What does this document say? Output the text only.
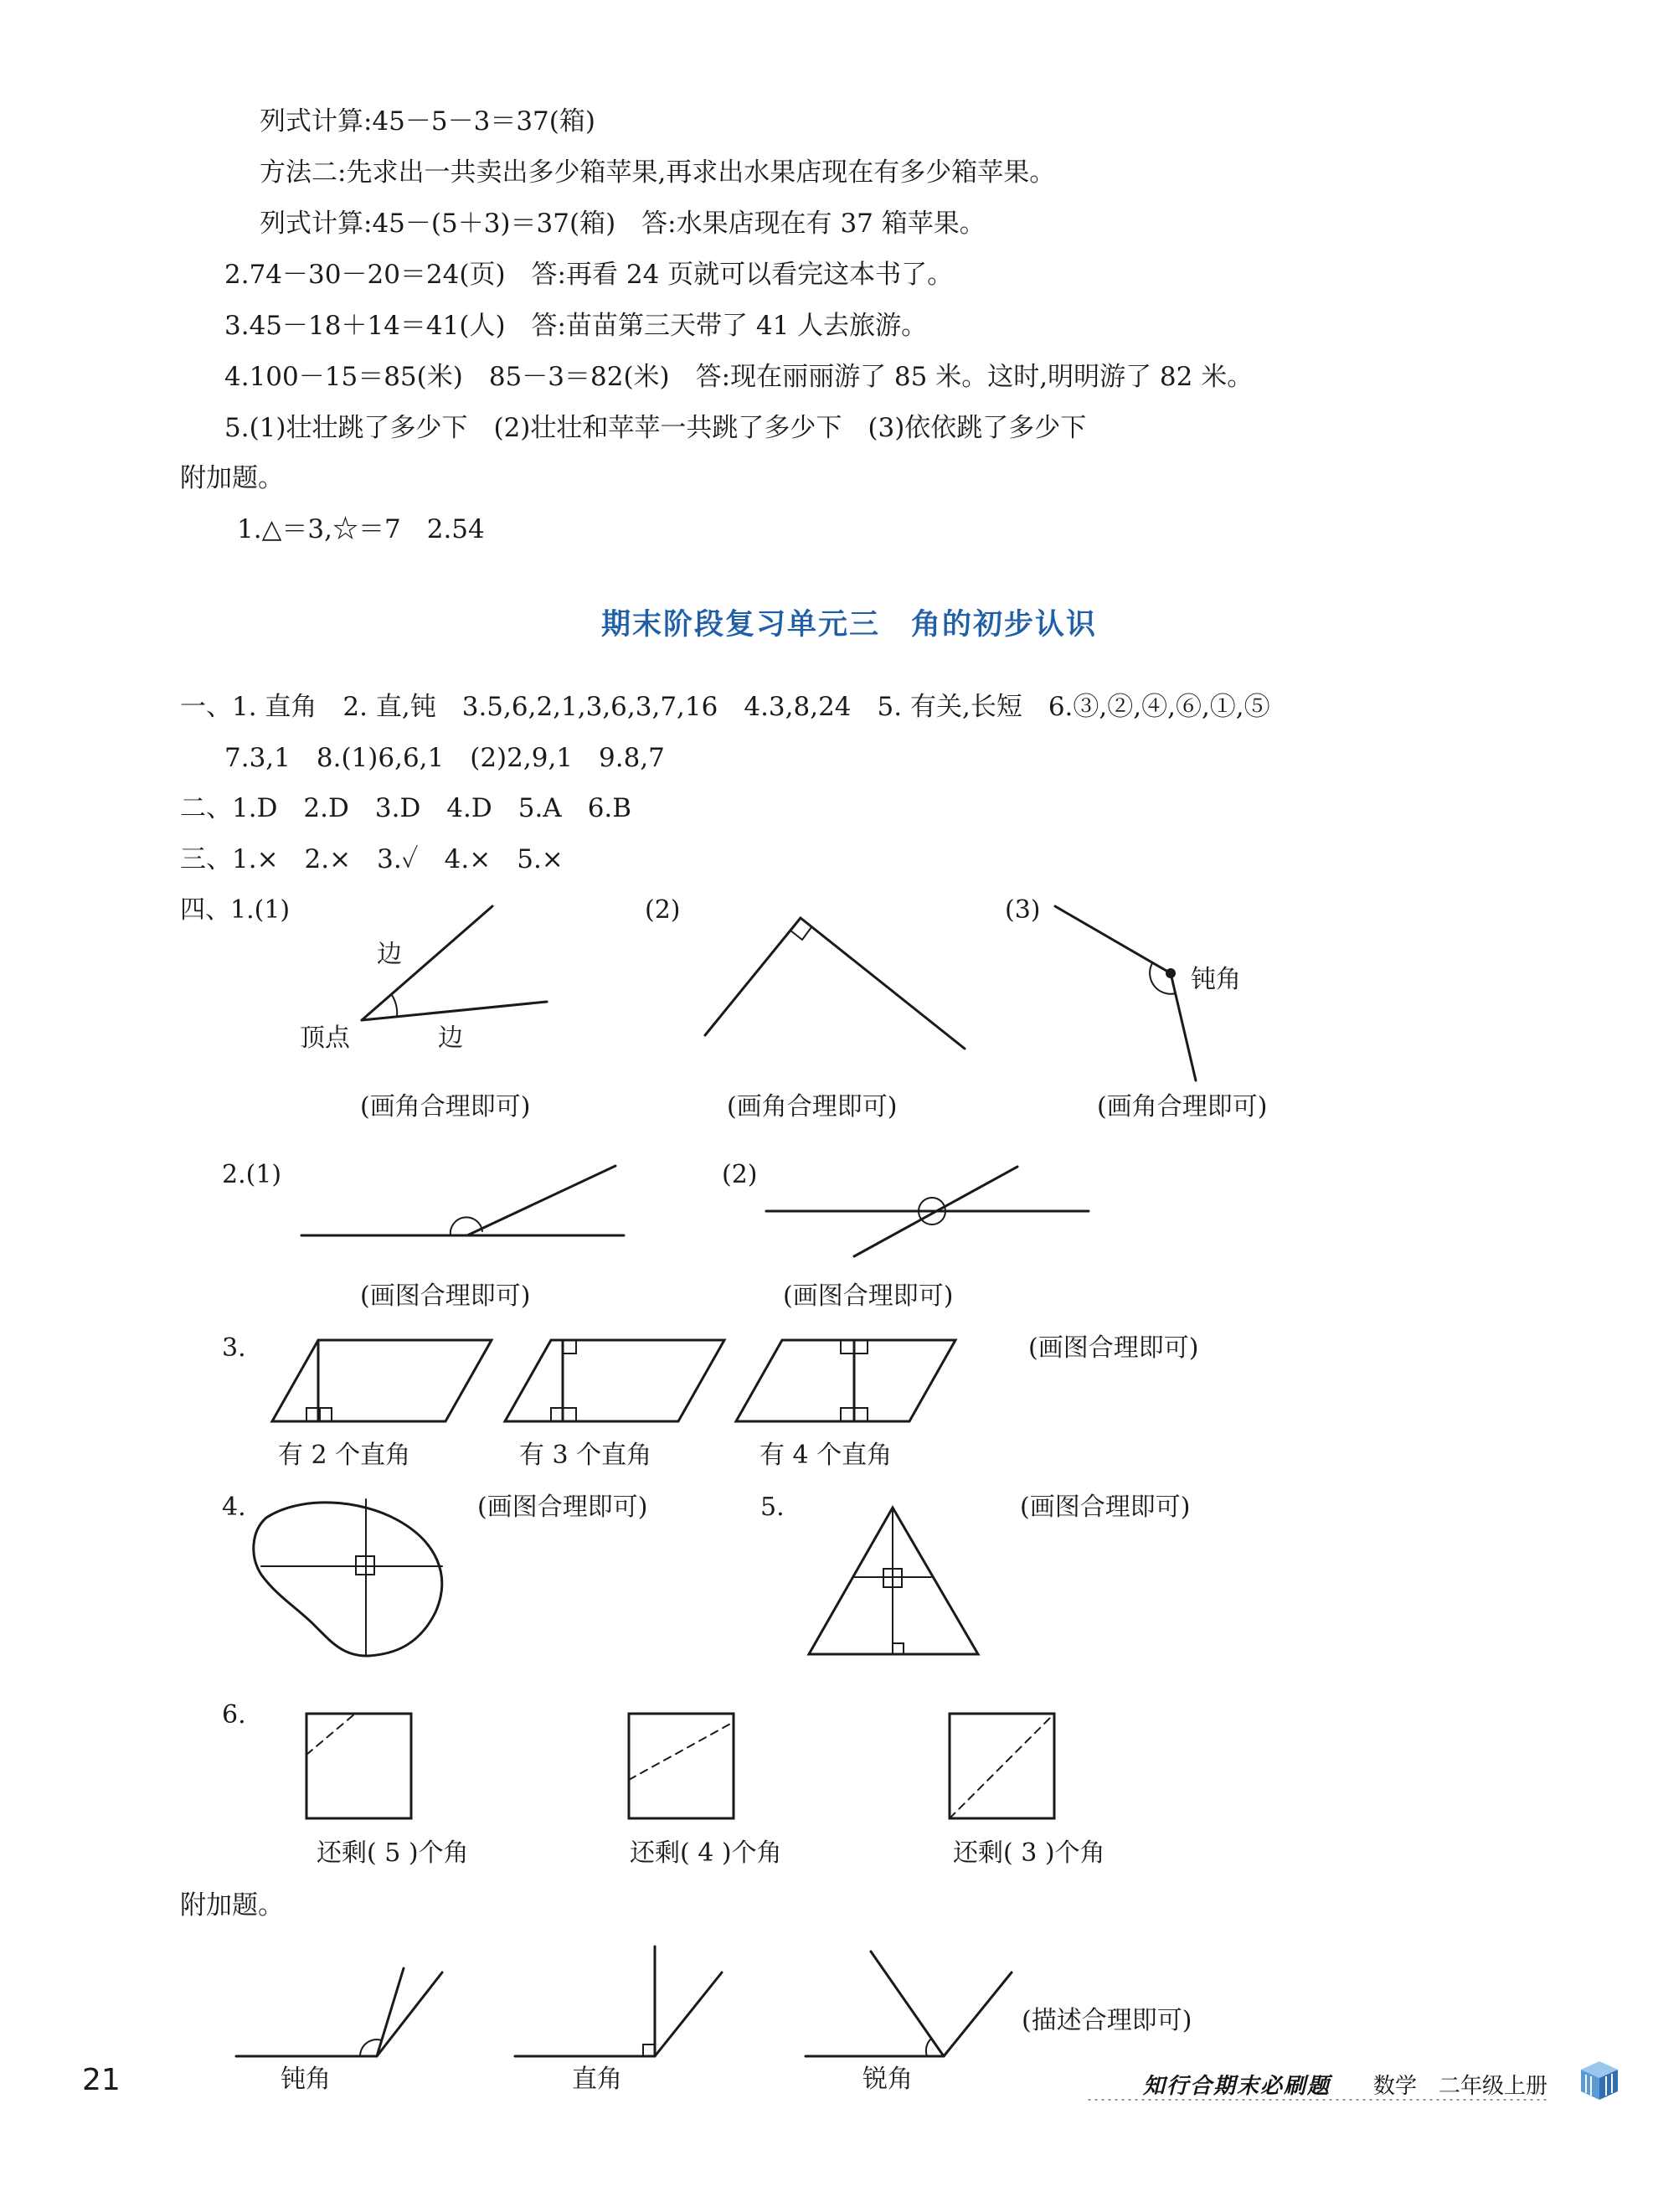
列式计算:45－5－3＝37(箱)
方法二:先求出一共卖出多少箱苹果,再求出水果店现在有多少箱苹果。
列式计算:45－(5＋3)＝37(箱)　答:水果店现在有 37 箱苹果。
2.74－30－20＝24(页)　答:再看 24 页就可以看完这本书了。
3.45－18＋14＝41(人)　答:苗苗第三天带了 41 人去旅游。
4.100－15＝85(米)　85－3＝82(米)　答:现在丽丽游了 85 米。这时,明明游了 82 米。
5.(1)壮壮跳了多少下　(2)壮壮和苹苹一共跳了多少下　(3)依依跳了多少下
附加题。
1.△＝3,☆＝7　2.54
期末阶段复习单元三　角的初步认识
一、1. 直角　2. 直,钝　3.5,6,2,1,3,6,3,7,16　4.3,8,24　5. 有关,长短　6.③,②,④,⑥,①,⑤
7.3,1　8.(1)6,6,1　(2)2,9,1　9.8,7
二、1.D　2.D　3.D　4.D　5.A　6.B
三、1.×　2.×　3.✓　4.×　5.×
四、1.(1)	(2)	(3)
边
顶点	边
钝角
(画角合理即可)	(画角合理即可)	(画角合理即可)
2.(1)	(2)
(画图合理即可)	(画图合理即可)
3.	(画图合理即可)
有 2 个直角	有 3 个直角	有 4 个直角
4.	(画图合理即可)	5.	(画图合理即可)
6.
还剩( 5 )个角	还剩( 4 )个角	还剩( 3 )个角
附加题。
(描述合理即可)
钝角	直角	锐角
21	知行合期末必刷题 数学 二年级上册
